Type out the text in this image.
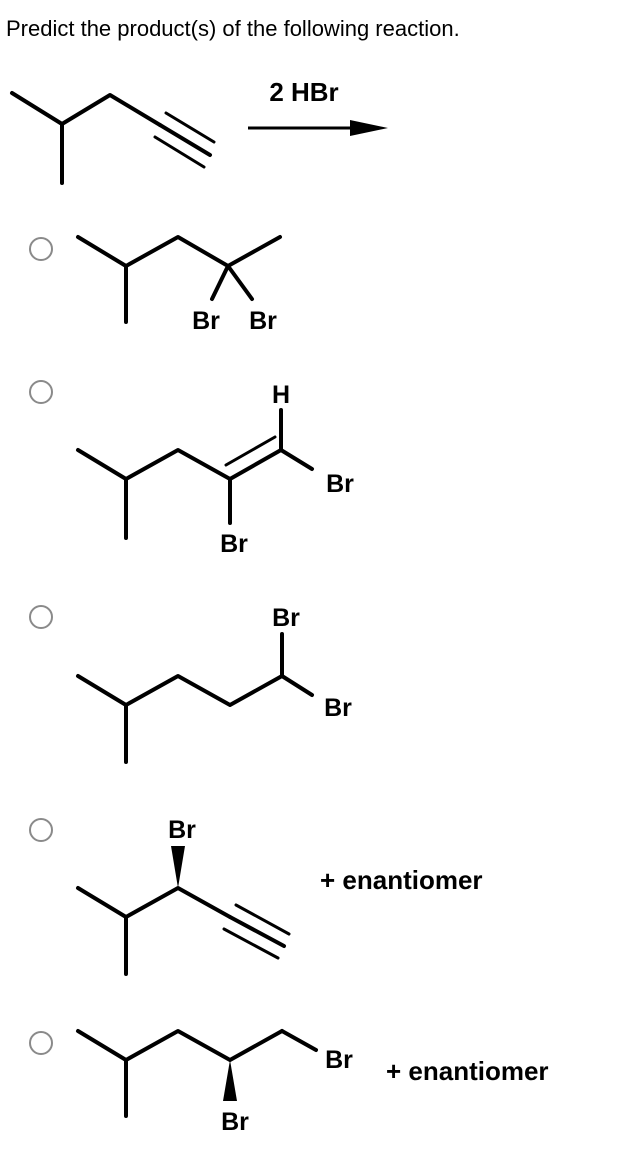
Predict the product(s) of the following reaction.
2 HBr
Br Br
H
Br
Br
Br
Br
Br
+ enantiomer
Br
Br
+ enantiomer
